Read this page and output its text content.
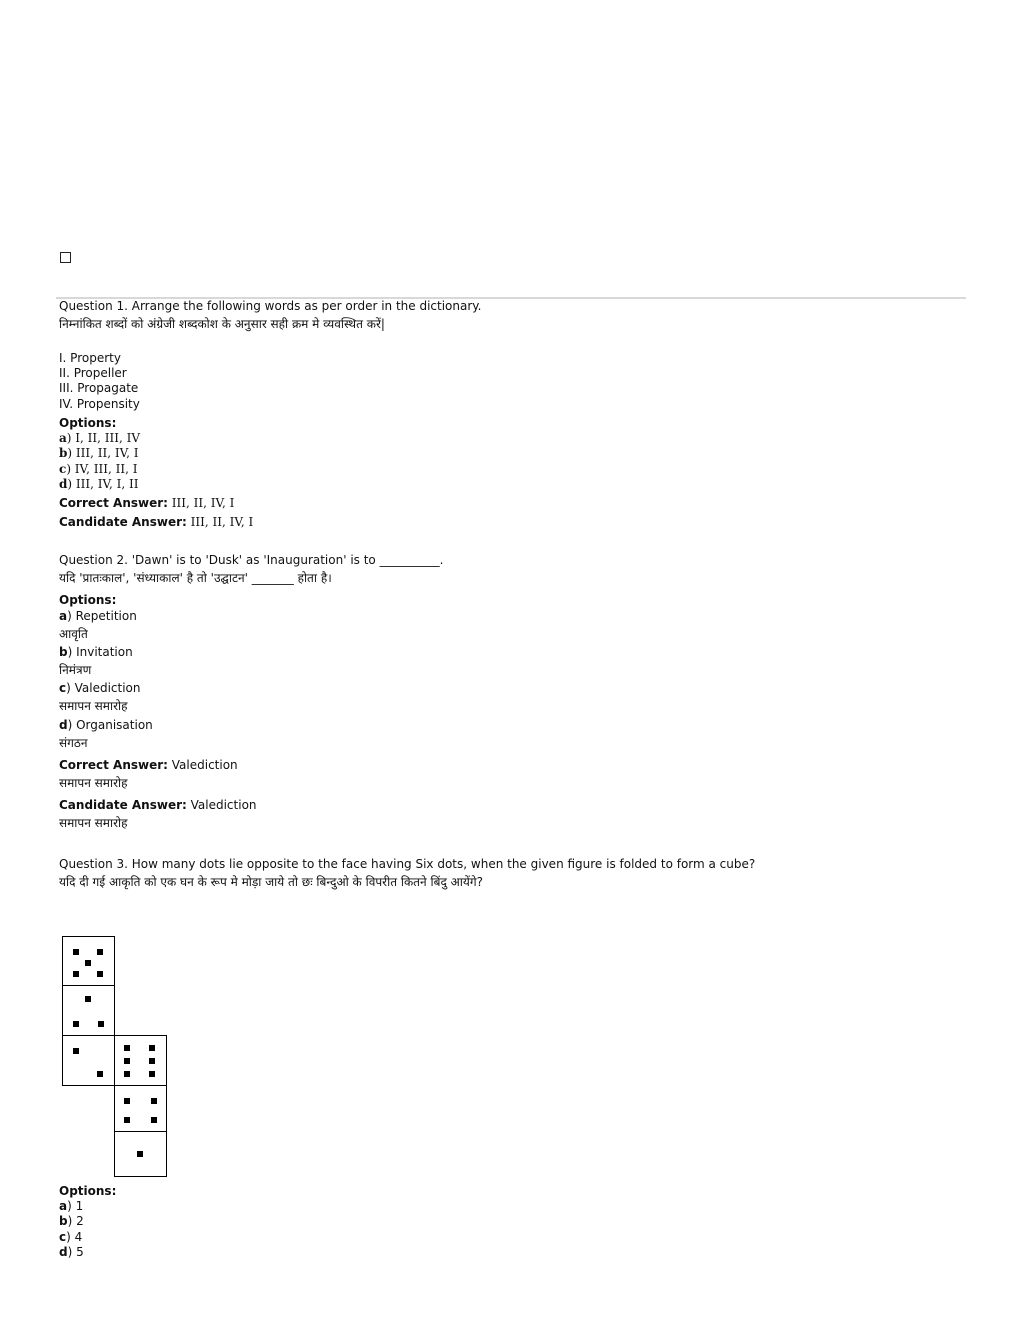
Question 1. Arrange the following words as per order in the dictionary.
निम्नांकित शब्दों को अंग्रेजी शब्दकोश के अनुसार सही क्रम मे व्यवस्थित करें|
I. Property
II. Propeller
III. Propagate
IV. Propensity
Options:
a) I, II, III, IV
b) III, II, IV, I
c) IV, III, II, I
d) III, IV, I, II
Correct Answer: III, II, IV, I
Candidate Answer: III, II, IV, I
Question 2. 'Dawn' is to 'Dusk' as 'Inauguration' is to __________.
यदि 'प्रातःकाल', 'संध्याकाल' है तो 'उद्घाटन' _______ होता है।
Options:
a) Repetition
आवृति
b) Invitation
निमंत्रण
c) Valediction
समापन समारोह
d) Organisation
संगठन
Correct Answer: Valediction
समापन समारोह
Candidate Answer: Valediction
समापन समारोह
Question 3. How many dots lie opposite to the face having Six dots, when the given figure is folded to form a cube?
यदि दी गई आकृति को एक घन के रूप मे मोड़ा जाये तो छः बिन्दुओ के विपरीत कितने बिंदु आयेंगे?
Options:
a) 1
b) 2
c) 4
d) 5
